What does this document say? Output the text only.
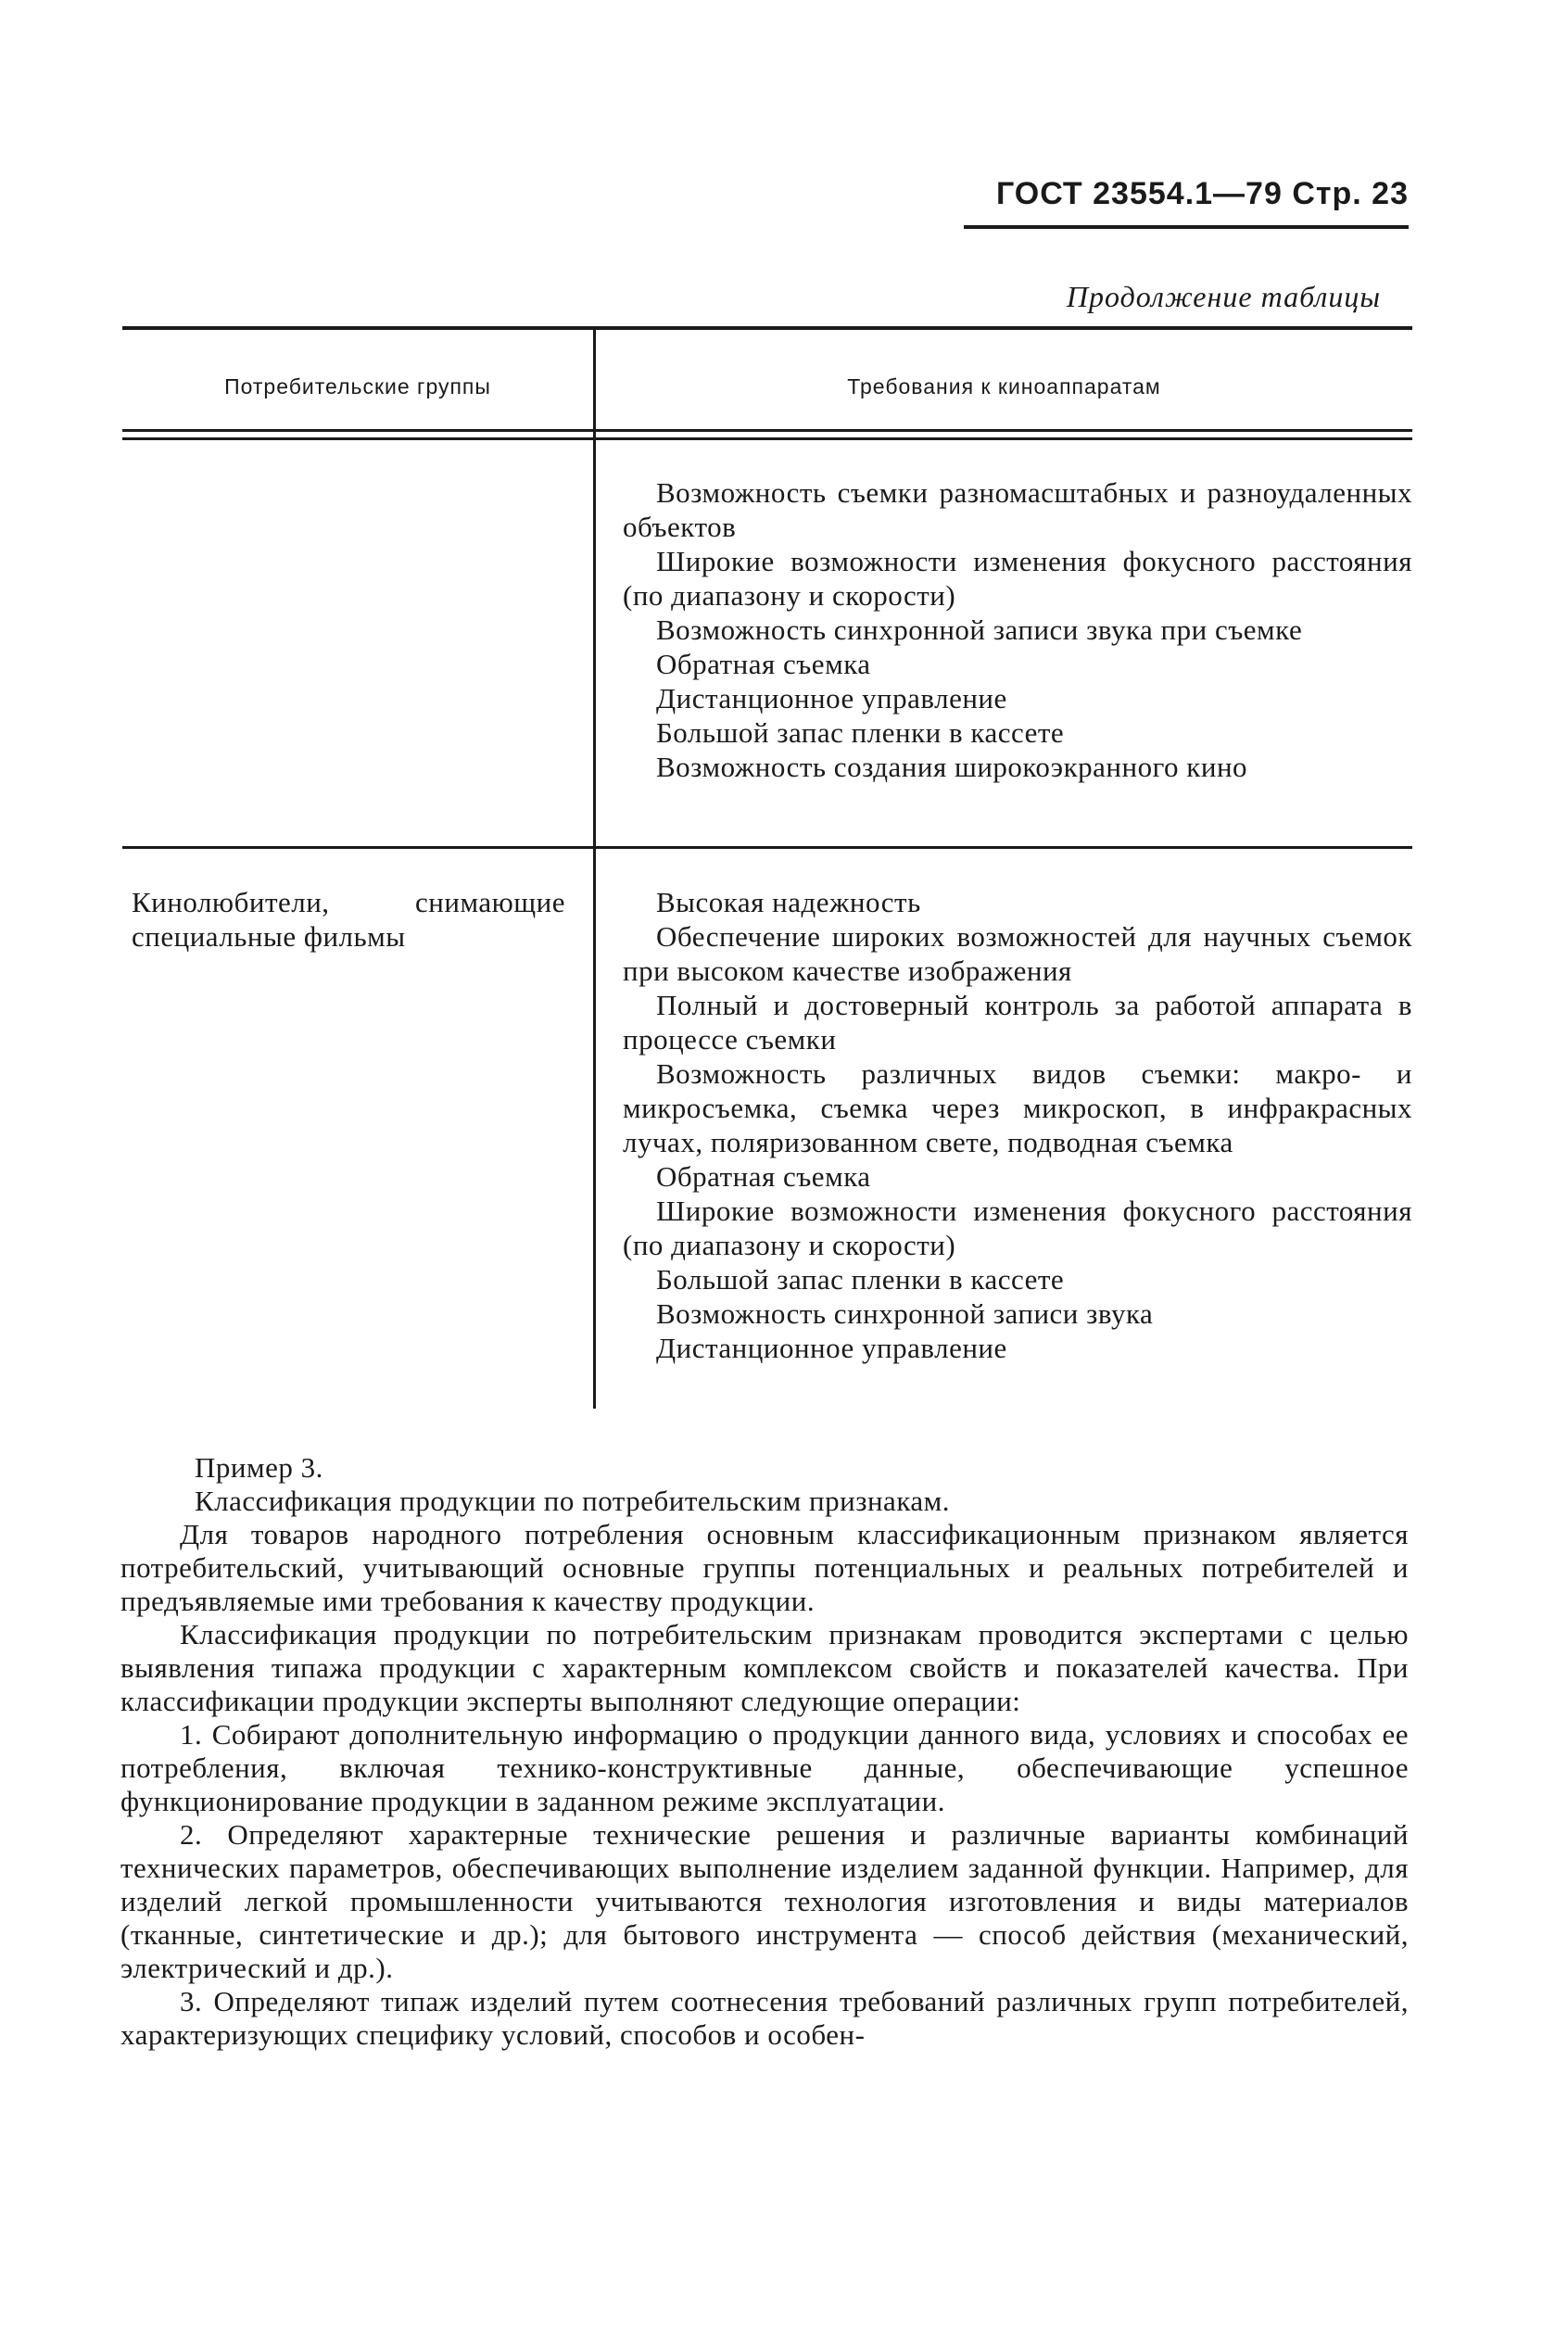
ГОСТ 23554.1—79 Стр. 23
Продолжение таблицы
Потребительские группы	Требования к киноаппаратам

Возможность съемки разномасштабных и разноудаленных объектов

Широкие возможности изменения фокусного расстояния (по диапазону и скорости)

Возможность синхронной записи звука при съемке

Обратная съемка

Дистанционное управление

Большой запас пленки в кассете

Возможность создания широкоэкранного кино

Кинолюбители, снимающие специальные фильмы

Высокая надежность

Обеспечение широких возможностей для научных съемок при высоком качестве изображения

Полный и достоверный контроль за работой аппарата в процессе съемки

Возможность различных видов съемки: макро- и микросъемка, съемка через микроскоп, в инфракрасных лучах, поляризованном свете, подводная съемка

Обратная съемка

Широкие возможности изменения фокусного расстояния (по диапазону и скорости)

Большой запас пленки в кассете

Возможность синхронной записи звука

Дистанционное управление

Пример 3.

Классификация продукции по потребительским признакам.

Для товаров народного потребления основным классификационным признаком является потребительский, учитывающий основные группы потенциальных и реальных потребителей и предъявляемые ими требования к качеству продукции.

Классификация продукции по потребительским признакам проводится экспертами с целью выявления типажа продукции с характерным комплексом свойств и показателей качества. При классификации продукции эксперты выполняют следующие операции:

1. Собирают дополнительную информацию о продукции данного вида, условиях и способах ее потребления, включая технико-конструктивные данные, обеспечивающие успешное функционирование продукции в заданном режиме эксплуатации.

2. Определяют характерные технические решения и различные варианты комбинаций технических параметров, обеспечивающих выполнение изделием заданной функции. Например, для изделий легкой промышленности учитываются технология изготовления и виды материалов (тканные, синтетические и др.); для бытового инструмента — способ действия (механический, электрический и др.).

3. Определяют типаж изделий путем соотнесения требований различных групп потребителей, характеризующих специфику условий, способов и особен-
